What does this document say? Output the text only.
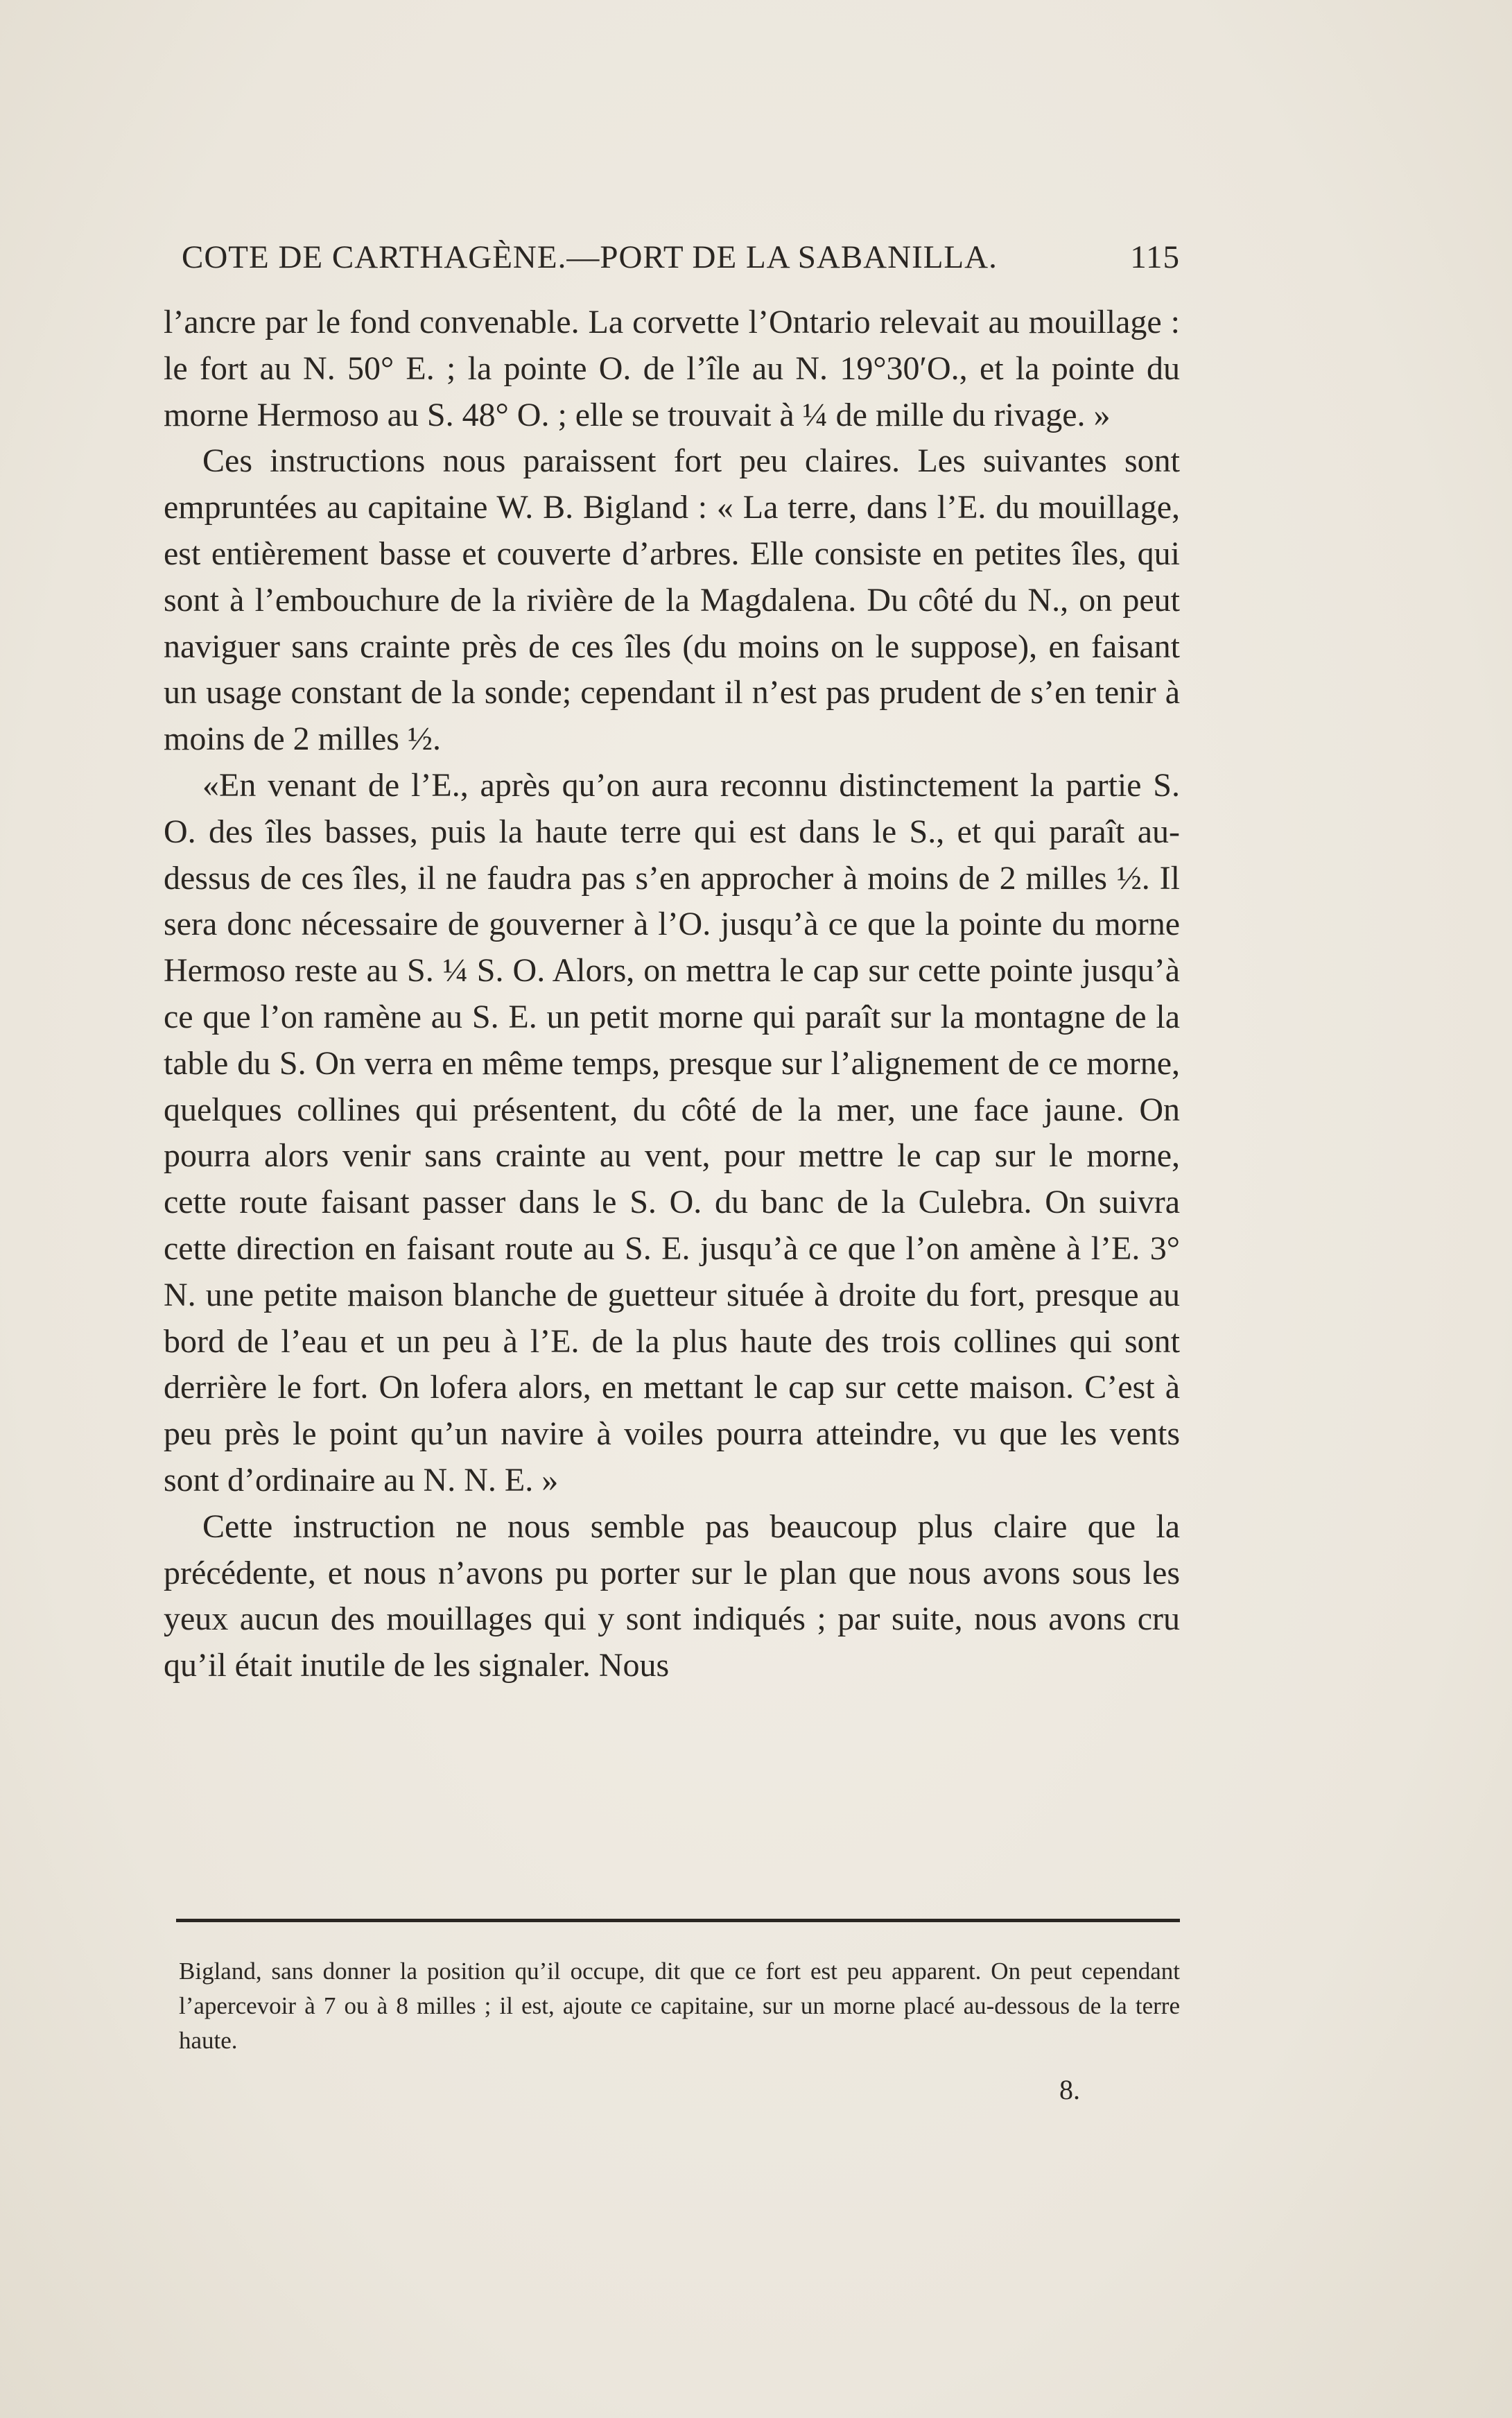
COTE DE CARTHAGÈNE.—PORT DE LA SABANILLA.	115

l’ancre par le fond convenable. La corvette l’Ontario relevait au mouillage : le fort au N. 50° E. ; la pointe O. de l’île au N. 19°30′O., et la pointe du morne Hermoso au S. 48° O. ; elle se trouvait à ¼ de mille du rivage. »

Ces instructions nous paraissent fort peu claires. Les suivantes sont empruntées au capitaine W. B. Bigland : « La terre, dans l’E. du mouillage, est entièrement basse et couverte d’arbres. Elle consiste en petites îles, qui sont à l’embouchure de la rivière de la Magdalena. Du côté du N., on peut naviguer sans crainte près de ces îles (du moins on le suppose), en faisant un usage constant de la sonde; cependant il n’est pas prudent de s’en tenir à moins de 2 milles ½.

«En venant de l’E., après qu’on aura reconnu distinctement la partie S. O. des îles basses, puis la haute terre qui est dans le S., et qui paraît au-dessus de ces îles, il ne faudra pas s’en approcher à moins de 2 milles ½. Il sera donc nécessaire de gouverner à l’O. jusqu’à ce que la pointe du morne Hermoso reste au S. ¼ S. O. Alors, on mettra le cap sur cette pointe jusqu’à ce que l’on ramène au S. E. un petit morne qui paraît sur la montagne de la table du S. On verra en même temps, presque sur l’alignement de ce morne, quelques collines qui présentent, du côté de la mer, une face jaune. On pourra alors venir sans crainte au vent, pour mettre le cap sur le morne, cette route faisant passer dans le S. O. du banc de la Culebra. On suivra cette direction en faisant route au S. E. jusqu’à ce que l’on amène à l’E. 3° N. une petite maison blanche de guetteur située à droite du fort, presque au bord de l’eau et un peu à l’E. de la plus haute des trois collines qui sont derrière le fort. On lofera alors, en mettant le cap sur cette maison. C’est à peu près le point qu’un navire à voiles pourra atteindre, vu que les vents sont d’ordinaire au N. N. E. »

Cette instruction ne nous semble pas beaucoup plus claire que la précédente, et nous n’avons pu porter sur le plan que nous avons sous les yeux aucun des mouillages qui y sont indiqués ; par suite, nous avons cru qu’il était inutile de les signaler. Nous

Bigland, sans donner la position qu’il occupe, dit que ce fort est peu apparent. On peut cependant l’apercevoir à 7 ou à 8 milles ; il est, ajoute ce capitaine, sur un morne placé au-dessous de la terre haute.

8.
